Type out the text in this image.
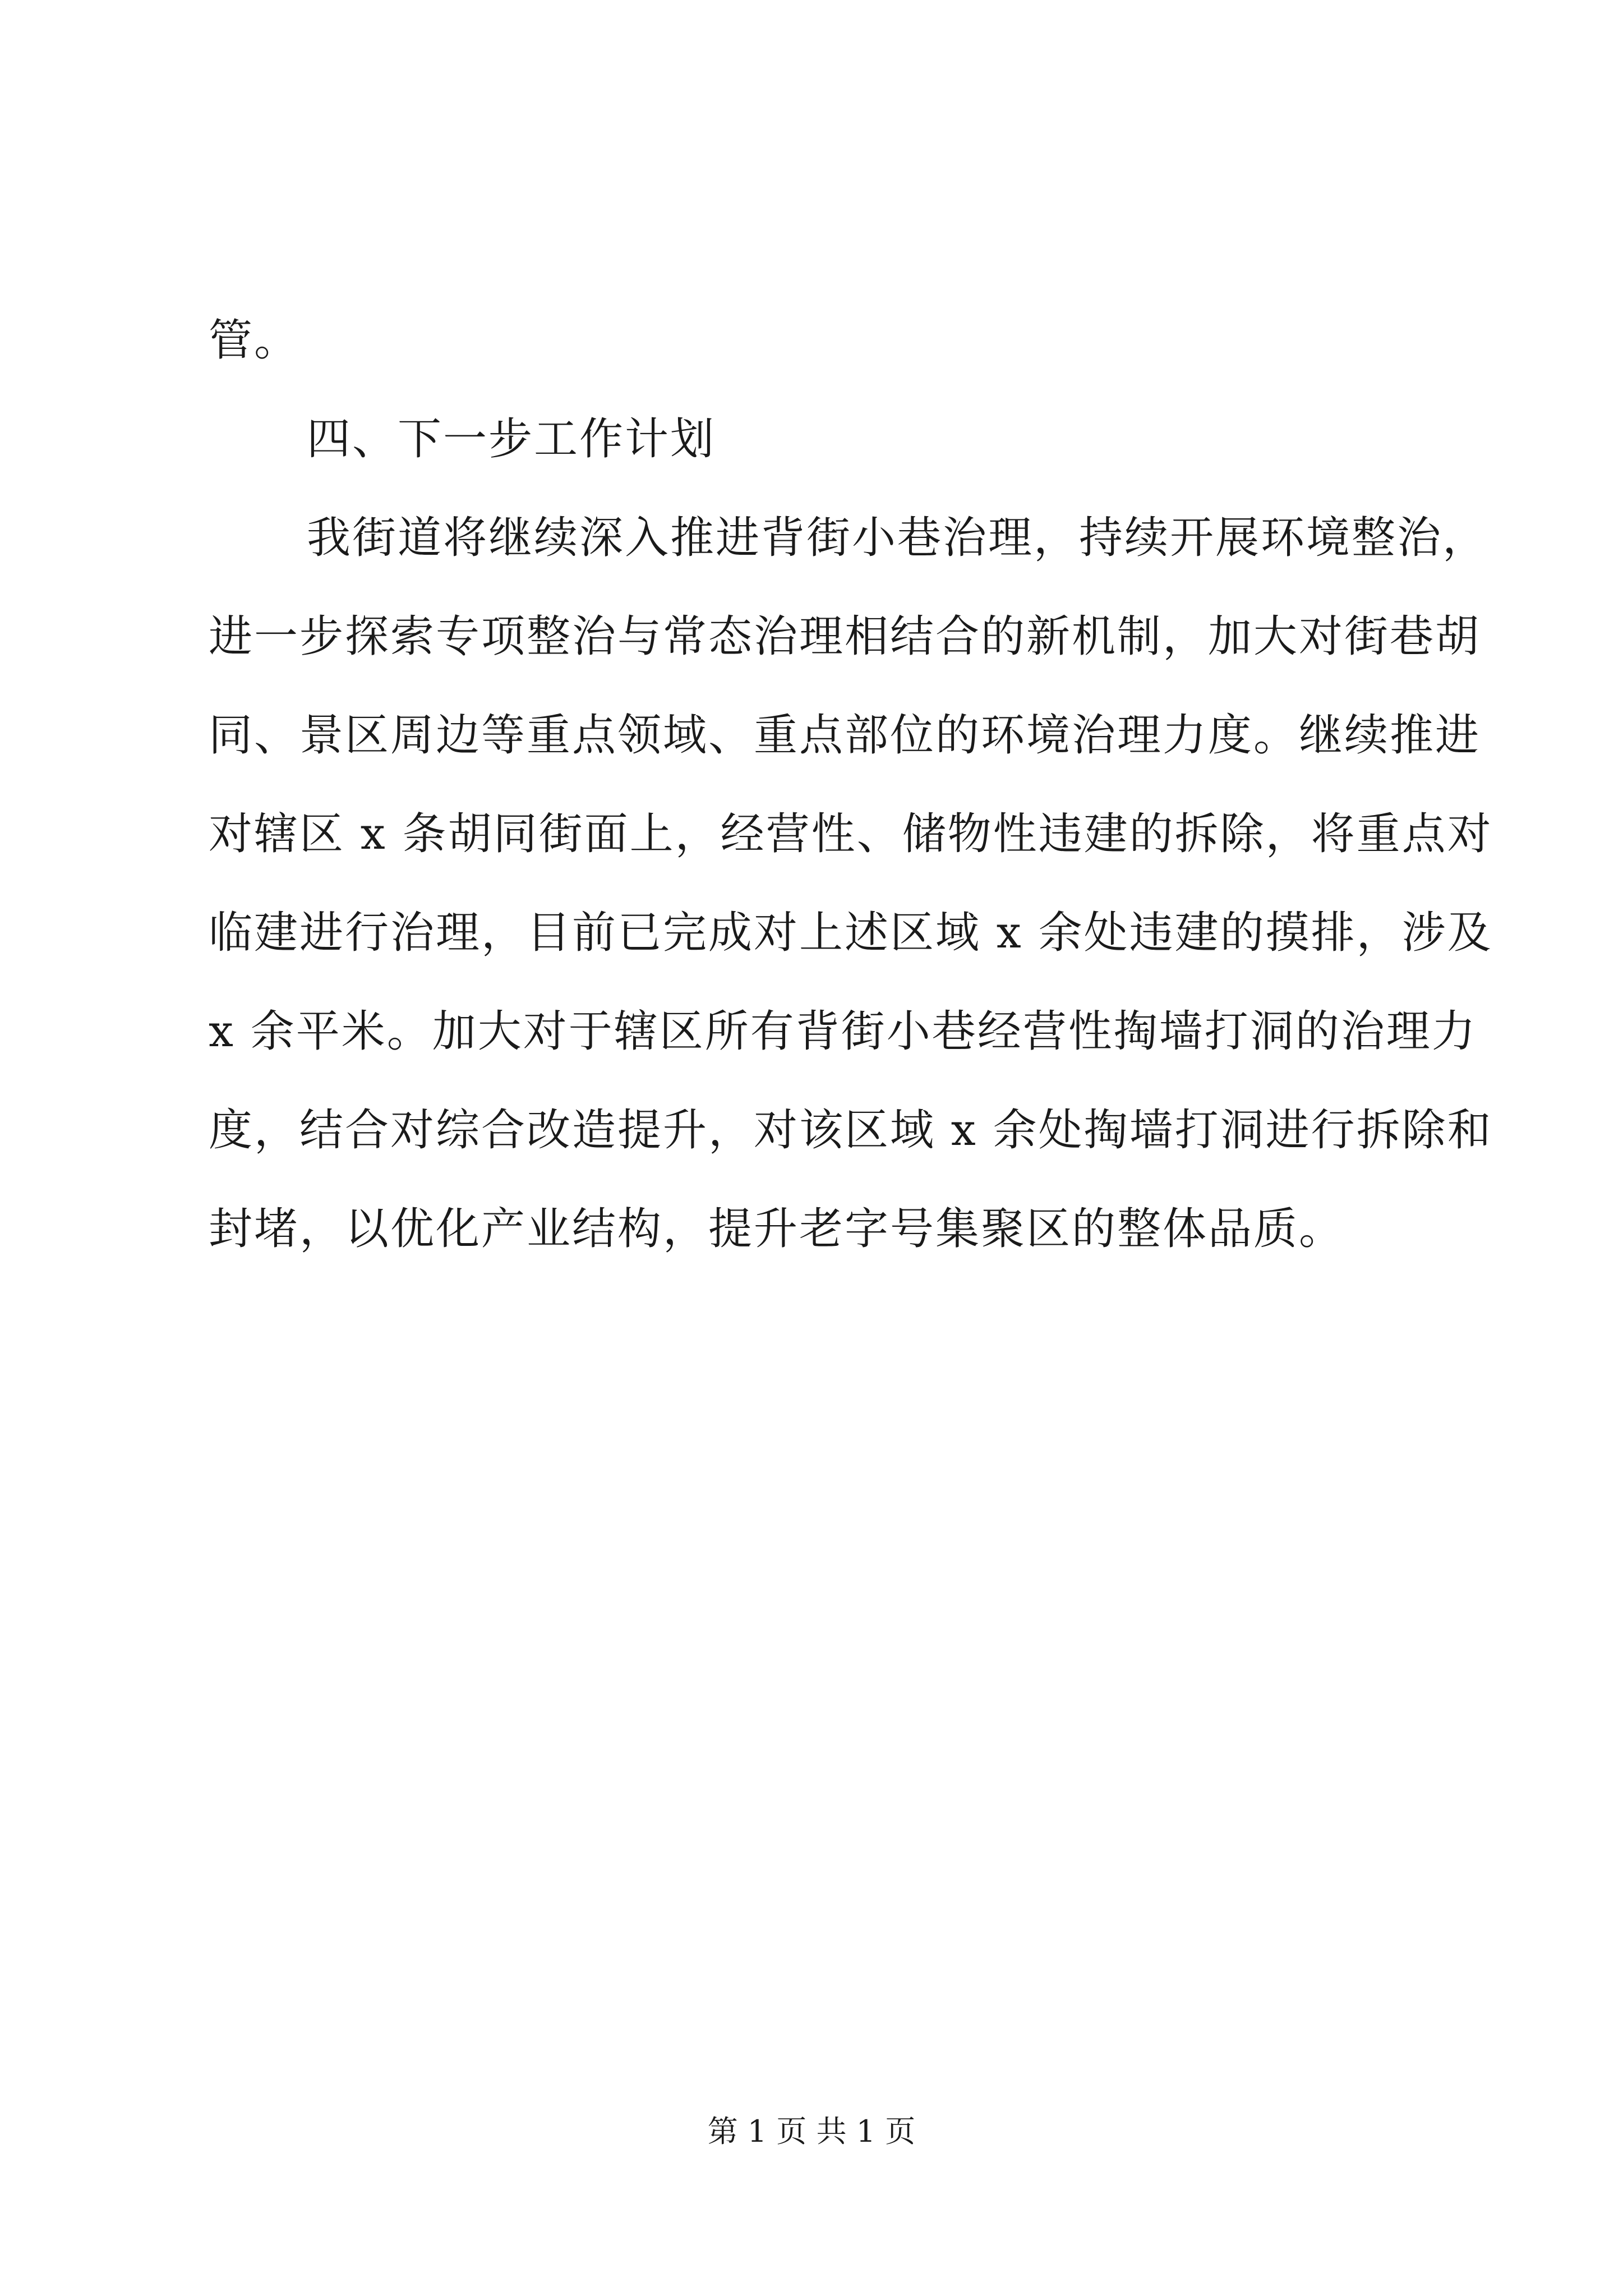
管。
四、下一步工作计划
我街道将继续深入推进背街小巷治理，持续开展环境整治，
进一步探索专项整治与常态治理相结合的新机制，加大对街巷胡
同、景区周边等重点领域、重点部位的环境治理力度。继续推进
对辖区 x 条胡同街面上，经营性、储物性违建的拆除，将重点对
临建进行治理，目前已完成对上述区域 x 余处违建的摸排，涉及
x 余平米。加大对于辖区所有背街小巷经营性掏墙打洞的治理力
度，结合对综合改造提升，对该区域 x 余处掏墙打洞进行拆除和
封堵，以优化产业结构，提升老字号集聚区的整体品质。
第 1 页 共 1 页
